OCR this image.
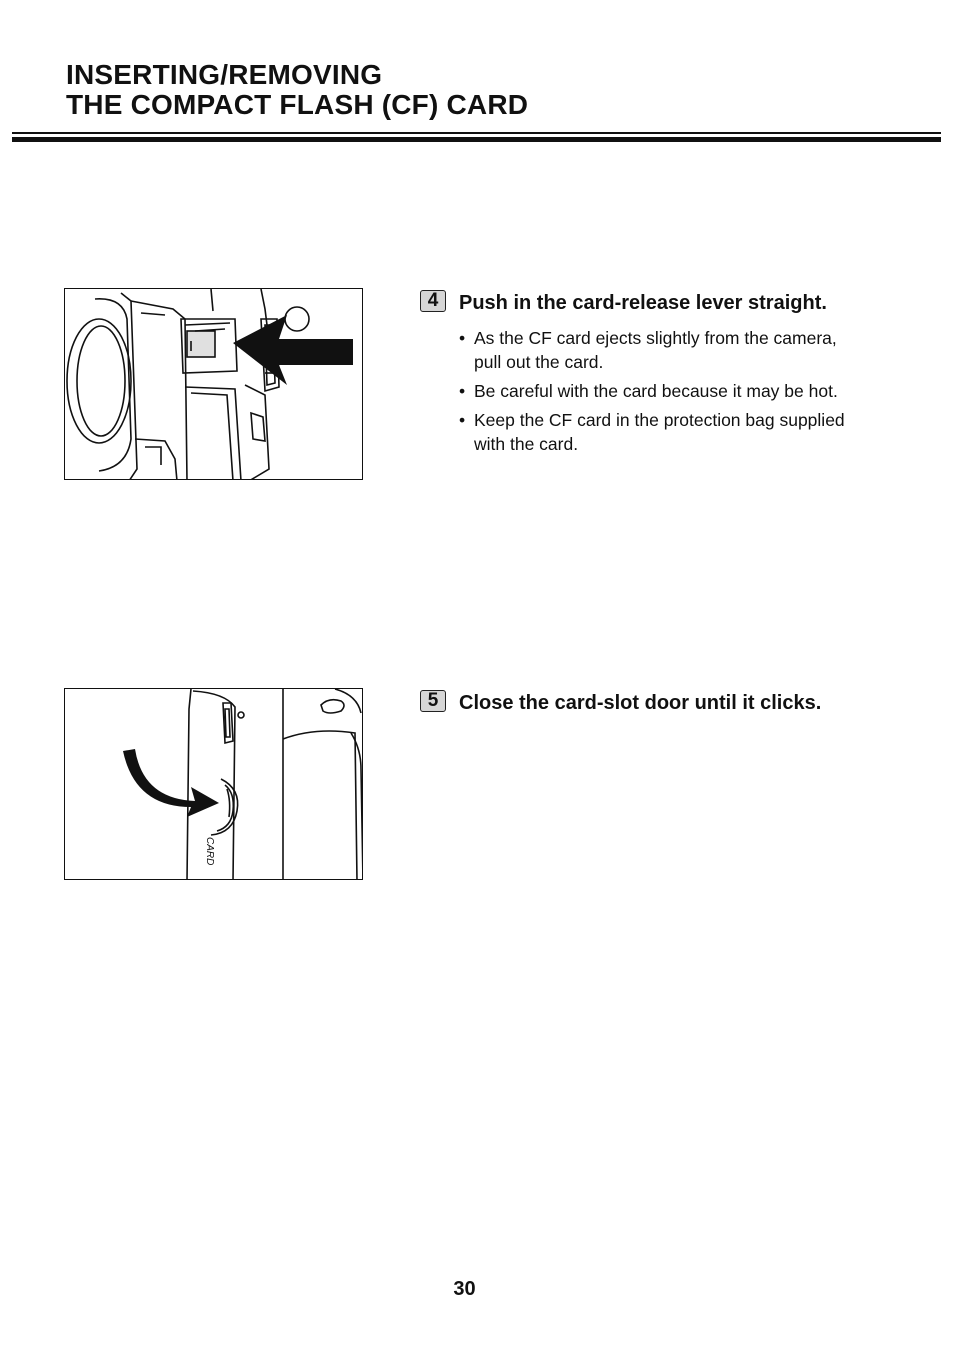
INSERTING/REMOVING
THE COMPACT FLASH (CF) CARD
4	Push in the card-release lever straight.
• As the CF card ejects slightly from the camera, pull out the card.
• Be careful with the card because it may be hot.
• Keep the CF card in the protection bag supplied with the card.
CARD
5	Close the card-slot door until it clicks.
30
